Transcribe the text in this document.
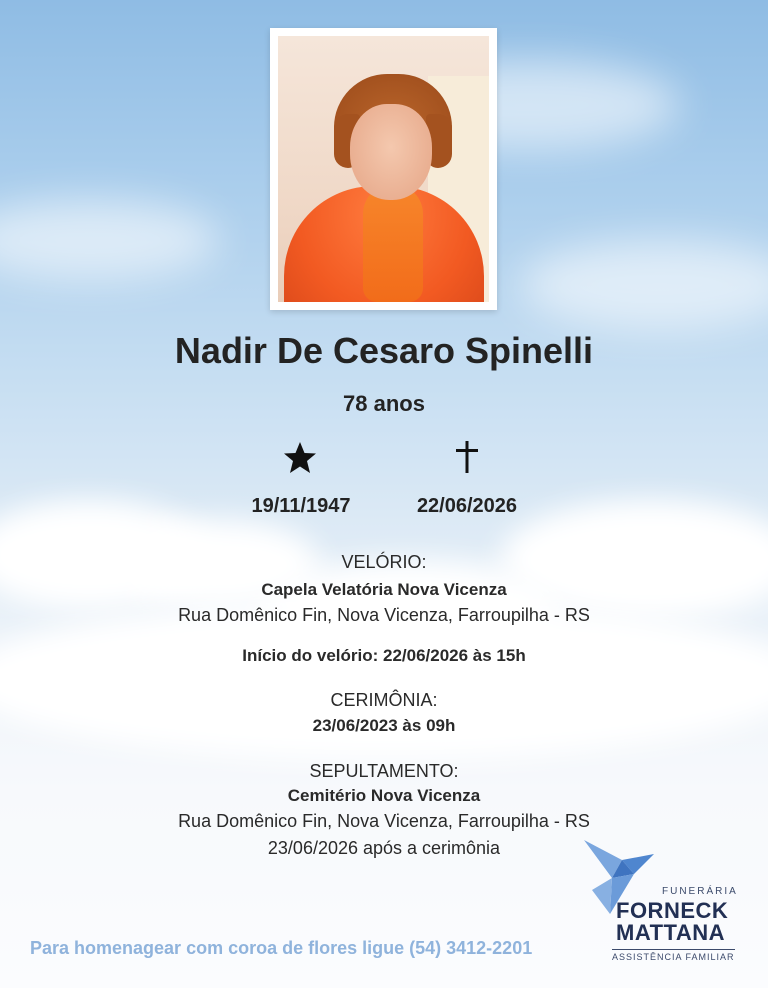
Nadir De Cesaro Spinelli
78 anos
19/11/1947	22/06/2026
VELÓRIO:
Capela Velatória Nova Vicenza
Rua Domênico Fin, Nova Vicenza, Farroupilha - RS
Início do velório: 22/06/2026 às 15h
CERIMÔNIA:
23/06/2023 às 09h
SEPULTAMENTO:
Cemitério Nova Vicenza
Rua Domênico Fin, Nova Vicenza, Farroupilha - RS
23/06/2026 após a cerimônia
Para homenagear com coroa de flores ligue (54) 3412-2201
FUNERÁRIA
FORNECK
MATTANA
ASSISTÊNCIA FAMILIAR
